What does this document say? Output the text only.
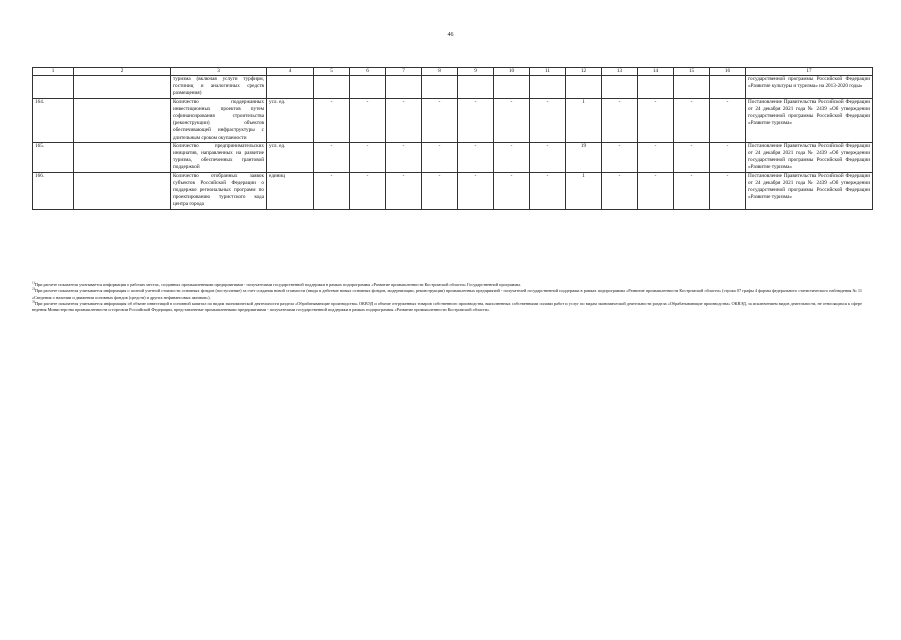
46
1	2	3	4	5	6	7	8	9	10	11	12	13	14	15	16	17
		туризма (включая услуги турфирм, гостиниц и аналогичных средств размещения)														государственной программы Российской Федерации «Развитие культуры и туризма» на 2013-2020 годы»
164.		Количество поддержанных инвестиционных проектов путем софинансирования строительства (реконструкции) объектов обеспечивающей инфраструктуры с длительным сроком окупаемости	усл. ед.	-	-	-	-	-	-	-	1	-	-	-	-	Постановление Правительства Российской Федерации от 24 декабря 2021 года № 2439 «Об утверждении государственной программы Российской Федерации «Развитие туризма»
165.		Количество предпринимательских инициатив, направленных на развитие туризма, обеспеченных грантовой поддержкой	усл. ед.	-	-	-	-	-	-	-	19	-	-	-	-	Постановление Правительства Российской Федерации от 24 декабря 2021 года № 2439 «Об утверждении государственной программы Российской Федерации «Развитие туризма»
166.		Количество отобранных заявок субъектов Российской Федерации о поддержке региональных программ по проектированию туристского кода центра города	единиц	-	-	-	-	-	-	-	1	-	-	-	-	Постановление Правительства Российской Федерации от 24 декабря 2021 года № 2439 «Об утверждении государственной программы Российской Федерации «Развитие туризма»

$^{1)}$При расчете показателя учитывается информация о рабочих местах, созданных промышленными предприятиями - получателями государственной поддержки в рамках подпрограммы «Развитие промышленности Костромской области» Государственной программы.

$^{2)}$При расчете показателя учитывается информация о полной учетной стоимости основных фондов (поступление) за счет создания новой стоимости (ввода в действие новых основных фондов, модернизации, реконструкции) промышленных предприятий - получателей государственной поддержки в рамках подпрограммы «Развитие промышленности Костромской области» (строка 07 графы 4 формы федерального статистического наблюдения № 11 «Сведения о наличии и движении основных фондов (средств) и других нефинансовых активов»).

$^{3)}$При расчете показателя учитывается информация об объеме инвестиций в основной капитал по видам экономической деятельности раздела «Обрабатывающие производства» ОКВЭД и объеме отгруженных товаров собственного производства, выполненных собственными силами работ и услуг по видам экономической деятельности раздела «Обрабатывающие производства» ОКВЭД, за исключением видов деятельности, не относящихся к сфере ведения Министерства промышленности и торговли Российской Федерации, представленные промышленными предприятиями - получателями государственной поддержки в рамках подпрограммы «Развитие промышленности Костромской области».
